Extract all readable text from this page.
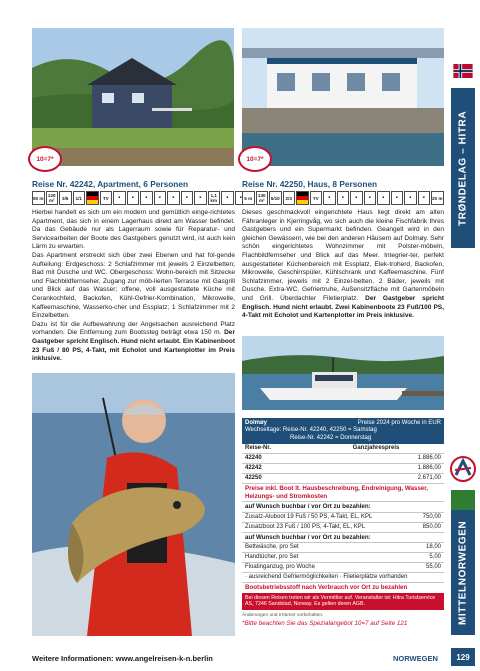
10=7*	10=7*
Reise Nr. 42242, Apartment, 6 Personen
50 m 120 m²	3/6 1/1	TV ▪ ▪ ▪ ▪ ▪ ▪ ▪	1,1 km	▪ ▪

Hierbei handelt es sich um ein modern und gemütlich einge-richtetes Apartment, das sich in einem Lagerhaus direkt am Wasser befindet. Da das Gebäude nur als Lagerraum sowie für Reparatur- und Servicearbeiten der Boote des Gastgebers genutzt wird, ist auch kein Lärm zu erwarten.

Das Apartment erstreckt sich über zwei Ebenen und hat fol-gende Aufteilung: Erdgeschoss: 2 Schlafzimmer mit jeweils 2 Einzelbetten; Bad mit Dusche und WC. Obergeschoss: Wohn-bereich mit Sitzecke und Flachbildfernseher, Zugang zur möb-lierten Terrasse mit Gasgrill und Blick auf das Wasser; offene, voll ausgestattete Küche mit Cerankochfeld, Backofen, Kühl-Gefrier-Kombination, Mikrowelle, Kaffeemaschine, Wasserko-cher und Essplatz; 1 Schlafzimmer mit 2 Einzelbetten.

Dazu ist für die Aufbewahrung der Angelsachen ausreichend Platz vorhanden. Die Entfernung zum Bootssteg beträgt etwa 150 m. Der Gastgeber spricht Englisch. Hund nicht erlaubt. Ein Kabinenboot 23 Fuß / 80 PS, 4-Takt, mit Echolot und Kartenplotter im Preis inklusive.

Reise Nr. 42250, Haus, 8 Personen
5 m	130 m²	5/10 2/3	TV ▪ ▪ ▪ ▪ ▪ ▪ ▪ ▪ 20 m

Dieses geschmackvoll eingerichtete Haus liegt direkt am alten Fähranleger in Kjerringvåg, wo sich auch die kleine Fischfabrik Ihres Gastgebers und ein Supermarkt befinden. Geangelt wird in den gleichen Gewässern, wie bei den anderen Häusern auf Dolmøy. Sehr schön eingerichtetes Wohnzimmer mit Polster-möbeln, Flachbildfernseher und Blick auf das Meer. Integrier-ter, perfekt ausgestatteter Küchenbereich mit Essplatz, Elek-troherd, Backofen, Mikrowelle, Geschirrspüler, Kühlschrank und Kaffeemaschine. Fünf Schlafzimmer, jeweils mit 2 Einzel-betten. 2 Bäder, jeweils mit Dusche. Extra-WC. Gefriertruhe, Außensitzfläche mit Gartenmöbeln und Grill. Überdachter Filetierplatz. Der Gastgeber spricht Englisch. Hund nicht erlaubt. Zwei Kabinenboote 23 Fuß/100 PS, 4-Takt mit Echolot und Kartenplotter im Preis inklusive.

Dolmøy	Preise 2024 pro Woche in EUR
Wechseltage: Reise-Nr. 42240, 42250 = Samstag
Reise-Nr. 42242 = Donnerstag
Reise-Nr.	Ganzjahrespreis	
42240		1.886,00
42242		1.886,00
42250		2.671,00
Preise inkl. Boot lt. Hausbeschreibung, Endreinigung, Wasser, Heizungs- und Stromkosten
auf Wunsch buchbar / vor Ort zu bezahlen:
Zusatz-Aluboot 19 Fuß / 50 PS, 4-Takt, EL, KPL	750,00
Zusatzboot 23 Fuß / 100 PS, 4-Takt, EL, KPL	850,00
auf Wunsch buchbar / vor Ort zu bezahlen:
Bettwäsche, pro Set	18,00
Handtücher, pro Set	5,00
Floatinganzug, pro Woche	55,00
· ausreichend Gefriermöglichkeiten · Filetierplätze vorhanden	
Bootsbetriebsstoff nach Verbrauch vor Ort zu bezahlen
Bei diesen Reisen treten wir als Vermittler auf. Veranstalter ist: Hitra Turistservice AS, 7246 Sandstad, Norway. Es gelten deren AGB.
Änderungen und Irrtümer vorbehalten.
*Bitte beachten Sie das Spezialangebot 10=7 auf Seite 121
TRØNDELAG – HITRA
MITTELNORWEGEN
Weitere Informationen: www.angelreisen-k-n.berlin	NORWEGEN	129
